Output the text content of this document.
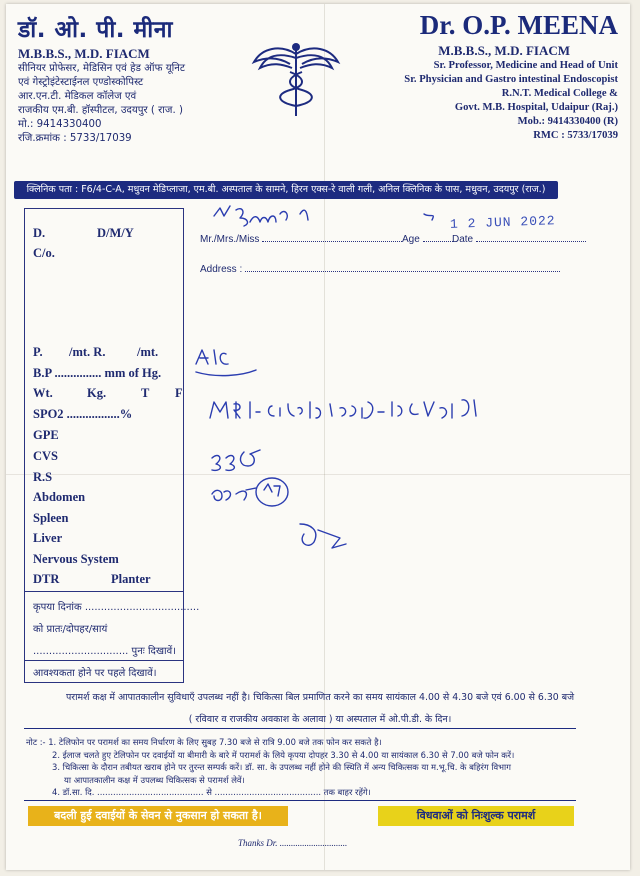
डॉ. ओ. पी. मीना
M.B.B.S., M.D. FIACM
सीनियर प्रोफेसर, मेडिसिन एवं हेड ऑफ यूनिट
एवं गेस्ट्रोइंटेस्टाईनल एण्डोस्कोपिस्ट
आर.एन.टी. मेडिकल कॉलेज एवं
राजकीय एम.बी. हॉस्पीटल, उदयपुर ( राज. )
मो.: 9414330400
रजि.क्रमांक : 5733/17039
Dr. O.P. MEENA
M.B.B.S., M.D. FIACM
Sr. Professor, Medicine and Head of Unit
Sr. Physician and Gastro intestinal Endoscopist
R.N.T. Medical College &
Govt. M.B. Hospital, Udaipur (Raj.)
Mob.: 9414330400 (R)
RMC : 5733/17039
क्लिनिक पता : F6/4-C-A, मधुवन मेडिप्लाजा, एम.बी. अस्पताल के सामने, हिरन एक्स-रे वाली गली, अनिल क्लिनिक के पास, मधुवन, उदयपुर (राज.)
Mr./Mrs./Miss	Age	Date
1 2 JUN 2022
Address :
D.	D/M/Y
C/o.
P. /mt. R.	/mt.
B.P ............... mm of Hg.
Wt.	Kg.	T F
SPO2 .................%
GPE
CVS
R.S
Abdomen
Spleen
Liver
Nervous System
DTR	Planter
कृपया दिनांक ....................................
को प्रातः/दोपहर/सायं
.............................. पुनः दिखावें।
आवश्यकता होने पर पहले दिखावें।
परामर्श कक्ष में आपातकालीन सुविधाएँ उपलब्ध नहीं है। चिकित्सा बिल प्रमाणित करने का समय सायंकाल 4.00 से 4.30 बजे एवं 6.00 से 6.30 बजे
( रविवार व राजकीय अवकाश के अलावा ) या अस्पताल में ओ.पी.डी. के दिन।
नोट :- 1. टेलिफोन पर परामर्श का समय निर्धारण के लिए सुबह 7.30 बजे से रात्रि 9.00 बजे तक फोन कर सकते है।
2. ईलाज चलते हुए टेलिफोन पर दवाईयों या बीमारी के बारे में परामर्श के लिये कृपया दोपहर 3.30 से 4.00 या सायंकाल 6.30 से 7.00 बजे फोन करें।
3. चिकित्सा के दौरान तबीयत खराब होने पर तुरन्त सम्पर्क करें। डॉ. सा. के उपलब्ध नहीं होने की स्थिति में अन्य चिकित्सक या म.भू.चि. के बहिरंग विभाग
या आपातकालीन कक्ष में उपलब्ध चिकित्सक से परामर्श लेवें।
4. डॉ.सा. दि. ........................................ से ........................................ तक बाहर रहेंगे।
बदली हुई दवाईयों के सेवन से नुकसान हो सकता है।	विधवाओं को निःशुल्क परामर्श
Thanks Dr. ..............................
